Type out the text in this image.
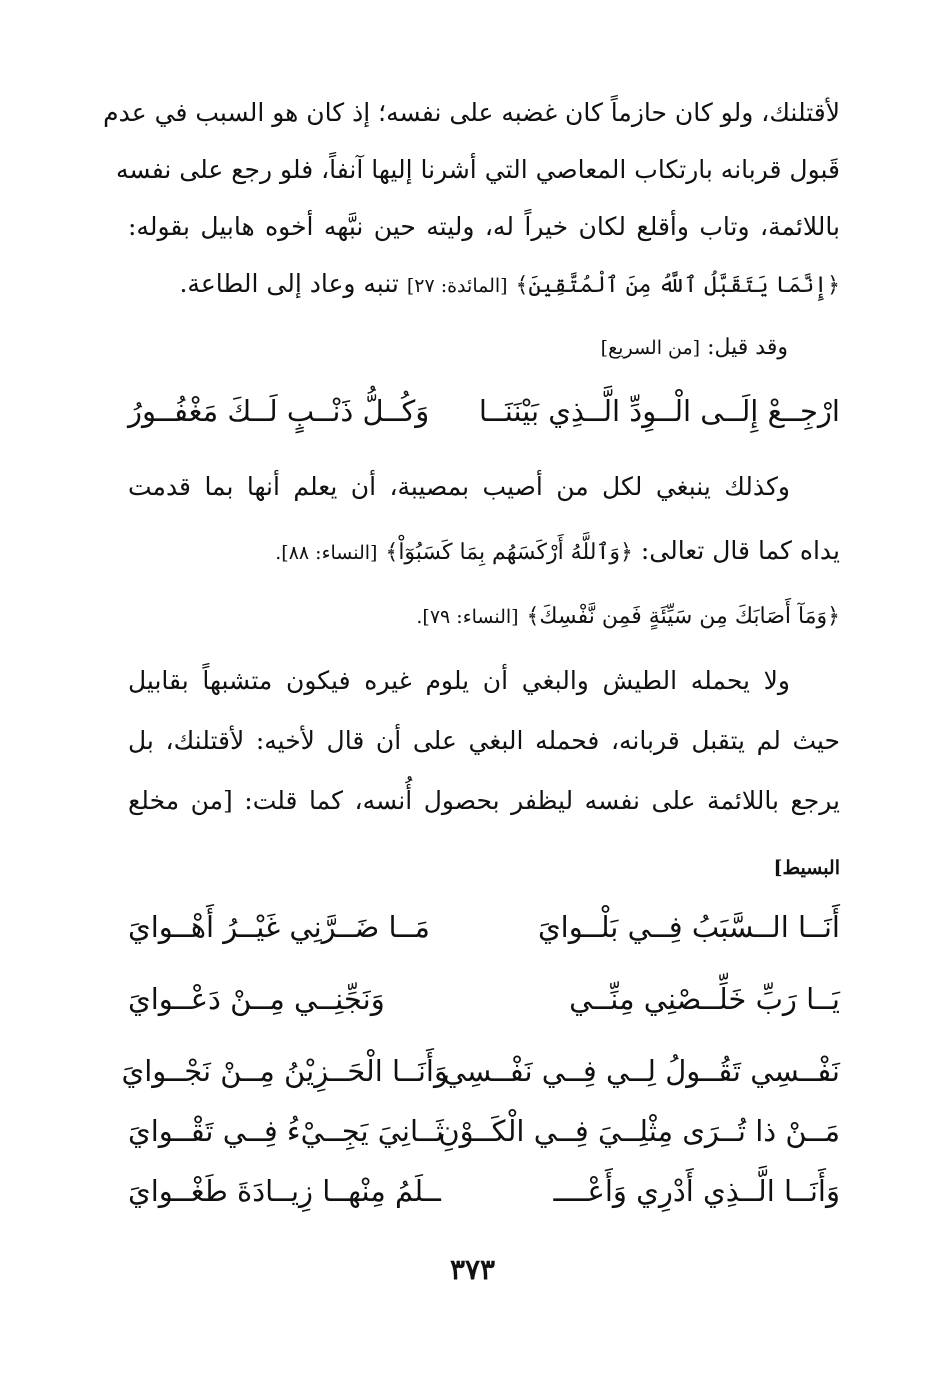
لأقتلنك، ولو كان حازماً كان غضبه على نفسه؛ إذ كان هو السبب في عدم
قَبول قربانه بارتكاب المعاصي التي أشرنا إليها آنفاً، فلو رجع على نفسه
باللائمة، وتاب وأقلع لكان خيراً له، وليته حين نبَّهه أخوه هابيل بقوله:
﴿إِنَّمَا يَتَقَبَّلُ ٱللَّهُ مِنَ ٱلْمُتَّقِينَ﴾ [المائدة: ٢٧] تنبه وعاد إلى الطاعة.
وقد قيل: [من السريع]
ارْجِــعْ إِلَــى الْــوِدِّ الَّــذِي بَيْنَنَــا
وَكُــلُّ ذَنْــبٍ لَــكَ مَغْفُــورُ
وكذلك ينبغي لكل من أصيب بمصيبة، أن يعلم أنها بما قدمت
يداه كما قال تعالى: ﴿وَٱللَّهُ أَرْكَسَهُم بِمَا كَسَبُوٓاْ﴾ [النساء: ٨٨].
﴿وَمَآ أَصَابَكَ مِن سَيِّئَةٍ فَمِن نَّفْسِكَ﴾ [النساء: ٧٩].
ولا يحمله الطيش والبغي أن يلوم غيره فيكون متشبهاً بقابيل
حيث لم يتقبل قربانه، فحمله البغي على أن قال لأخيه: لأقتلنك، بل
يرجع باللائمة على نفسه ليظفر بحصول أُنسه، كما قلت: [من مخلع
البسيط]
أَنَــا الــسَّبَبُ فِــي بَلْــوايَ
مَــا ضَــرَّنِي غَيْــرُ أَهْــوايَ
يَــا رَبِّ خَلِّــصْنِي مِنِّــي
وَنَجِّنِــي مِــنْ دَعْــوايَ
نَفْــسِي تَقُــولُ لِــي فِــي نَفْــسِي
وَأَنَــا الْحَــزِيْنُ مِــنْ نَجْــوايَ
مَــنْ ذا تُــرَى مِثْلِــيَ فِــي الْكَــوْنِ
ثَــانِيَ يَجِــيْءُ فِــي تَقْــوايَ
وَأَنَــا الَّــذِي أَدْرِي وَأَعْــــ
ــلَمُ مِنْهــا زِيــادَةَ طَغْــوايَ
٣٧٣
